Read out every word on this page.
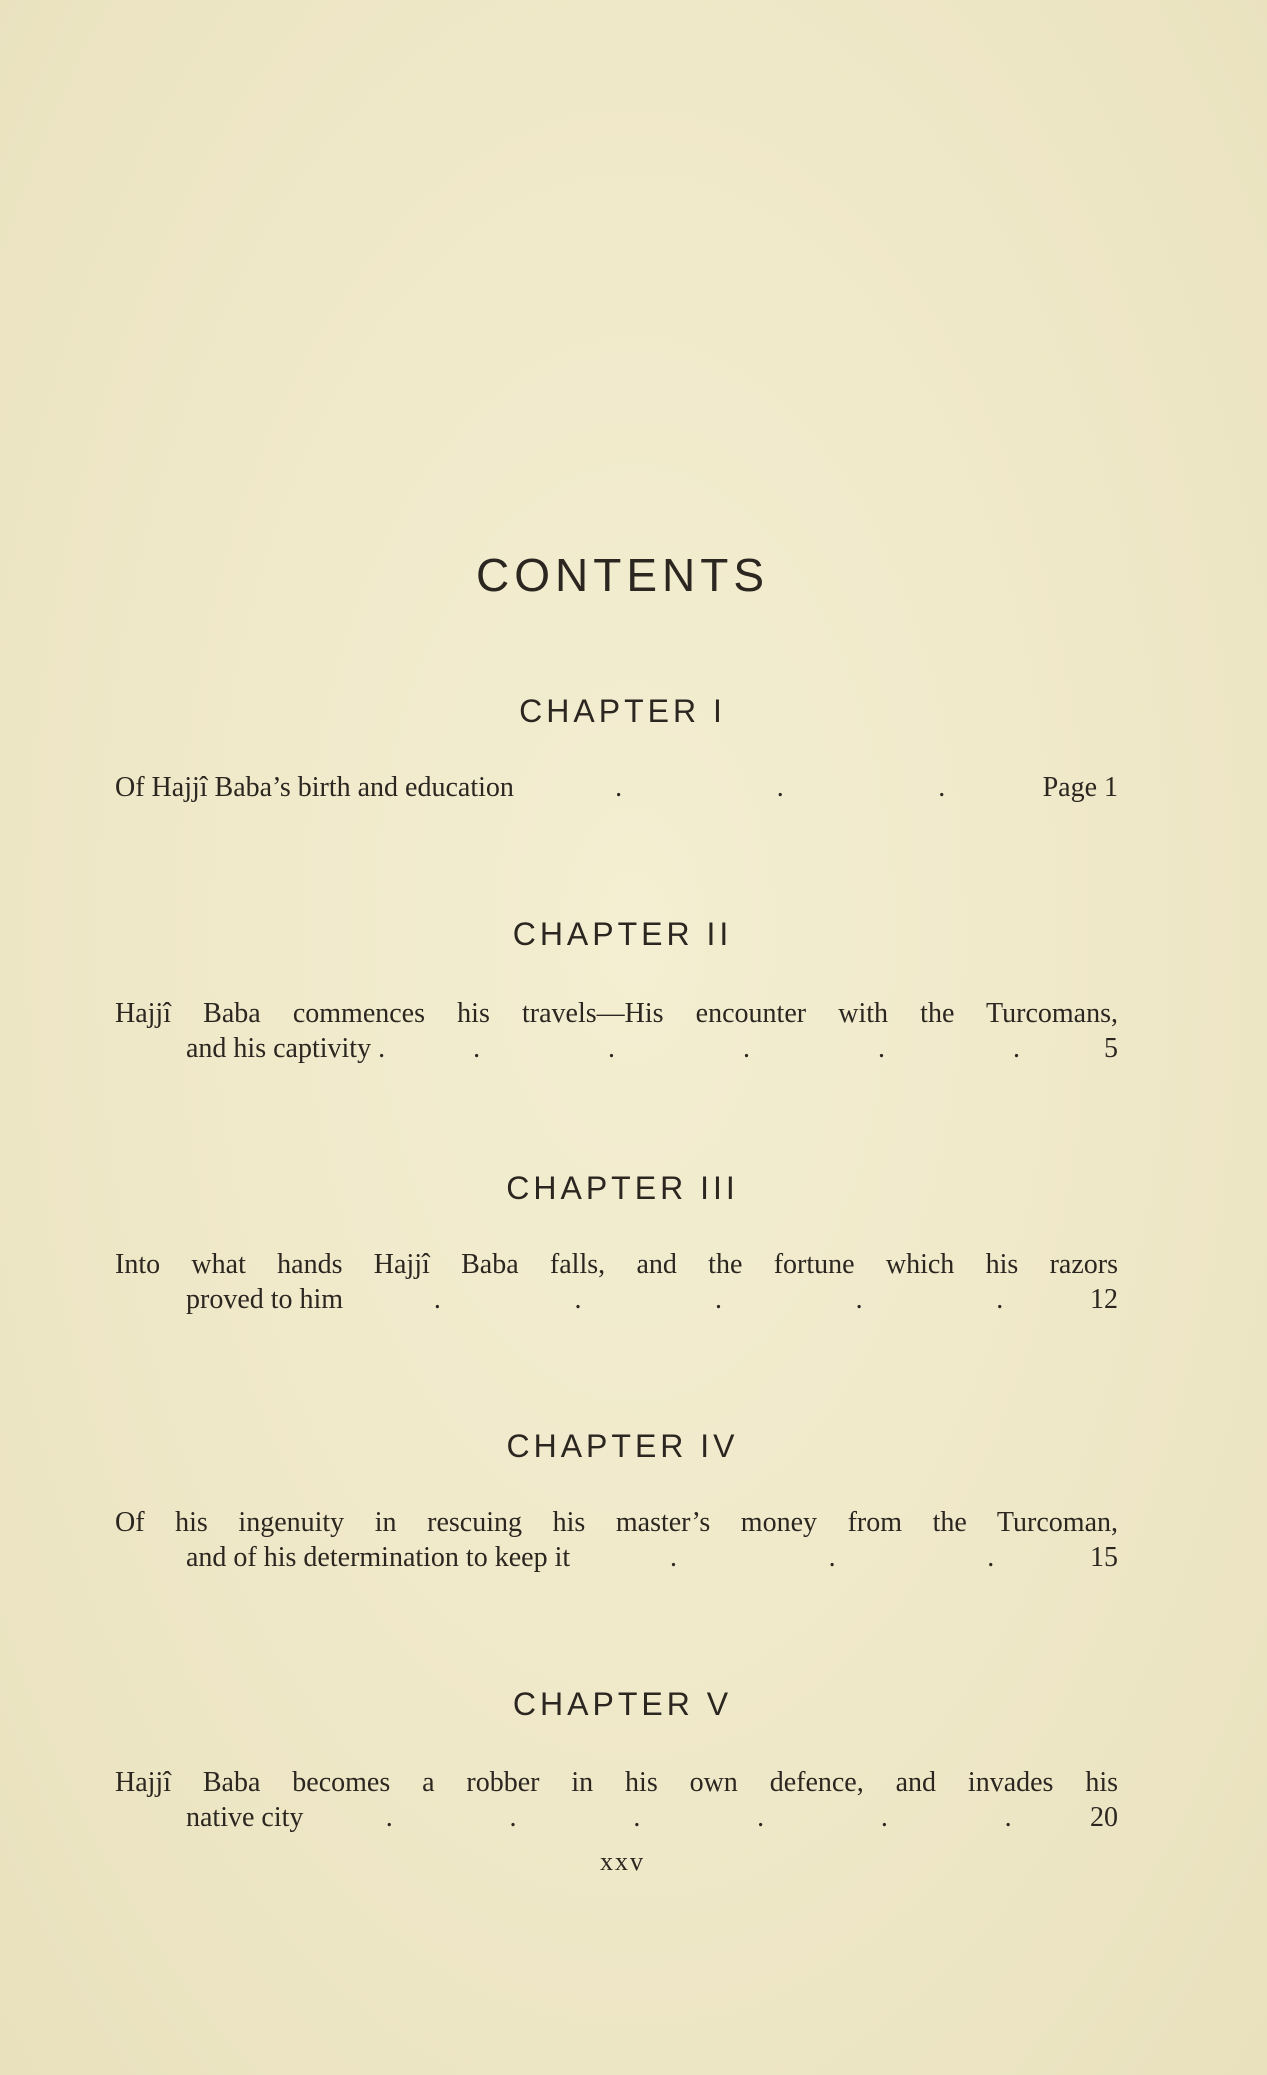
CONTENTS
CHAPTER I
Of Hajjî Baba’s birth and education	.	.	.	Page 1
CHAPTER II
Hajjî Baba commences his travels—His encounter with the Turcomans,
and his captivity .	.	.	.	.	.	5
CHAPTER III
Into what hands Hajjî Baba falls, and the fortune which his razors
proved to him	.	.	.	.	.	12
CHAPTER IV
Of his ingenuity in rescuing his master’s money from the Turcoman,
and of his determination to keep it	.	.	.	15
CHAPTER V
Hajjî Baba becomes a robber in his own defence, and invades his
native city	.	.	.	.	.	.	20
xxv
